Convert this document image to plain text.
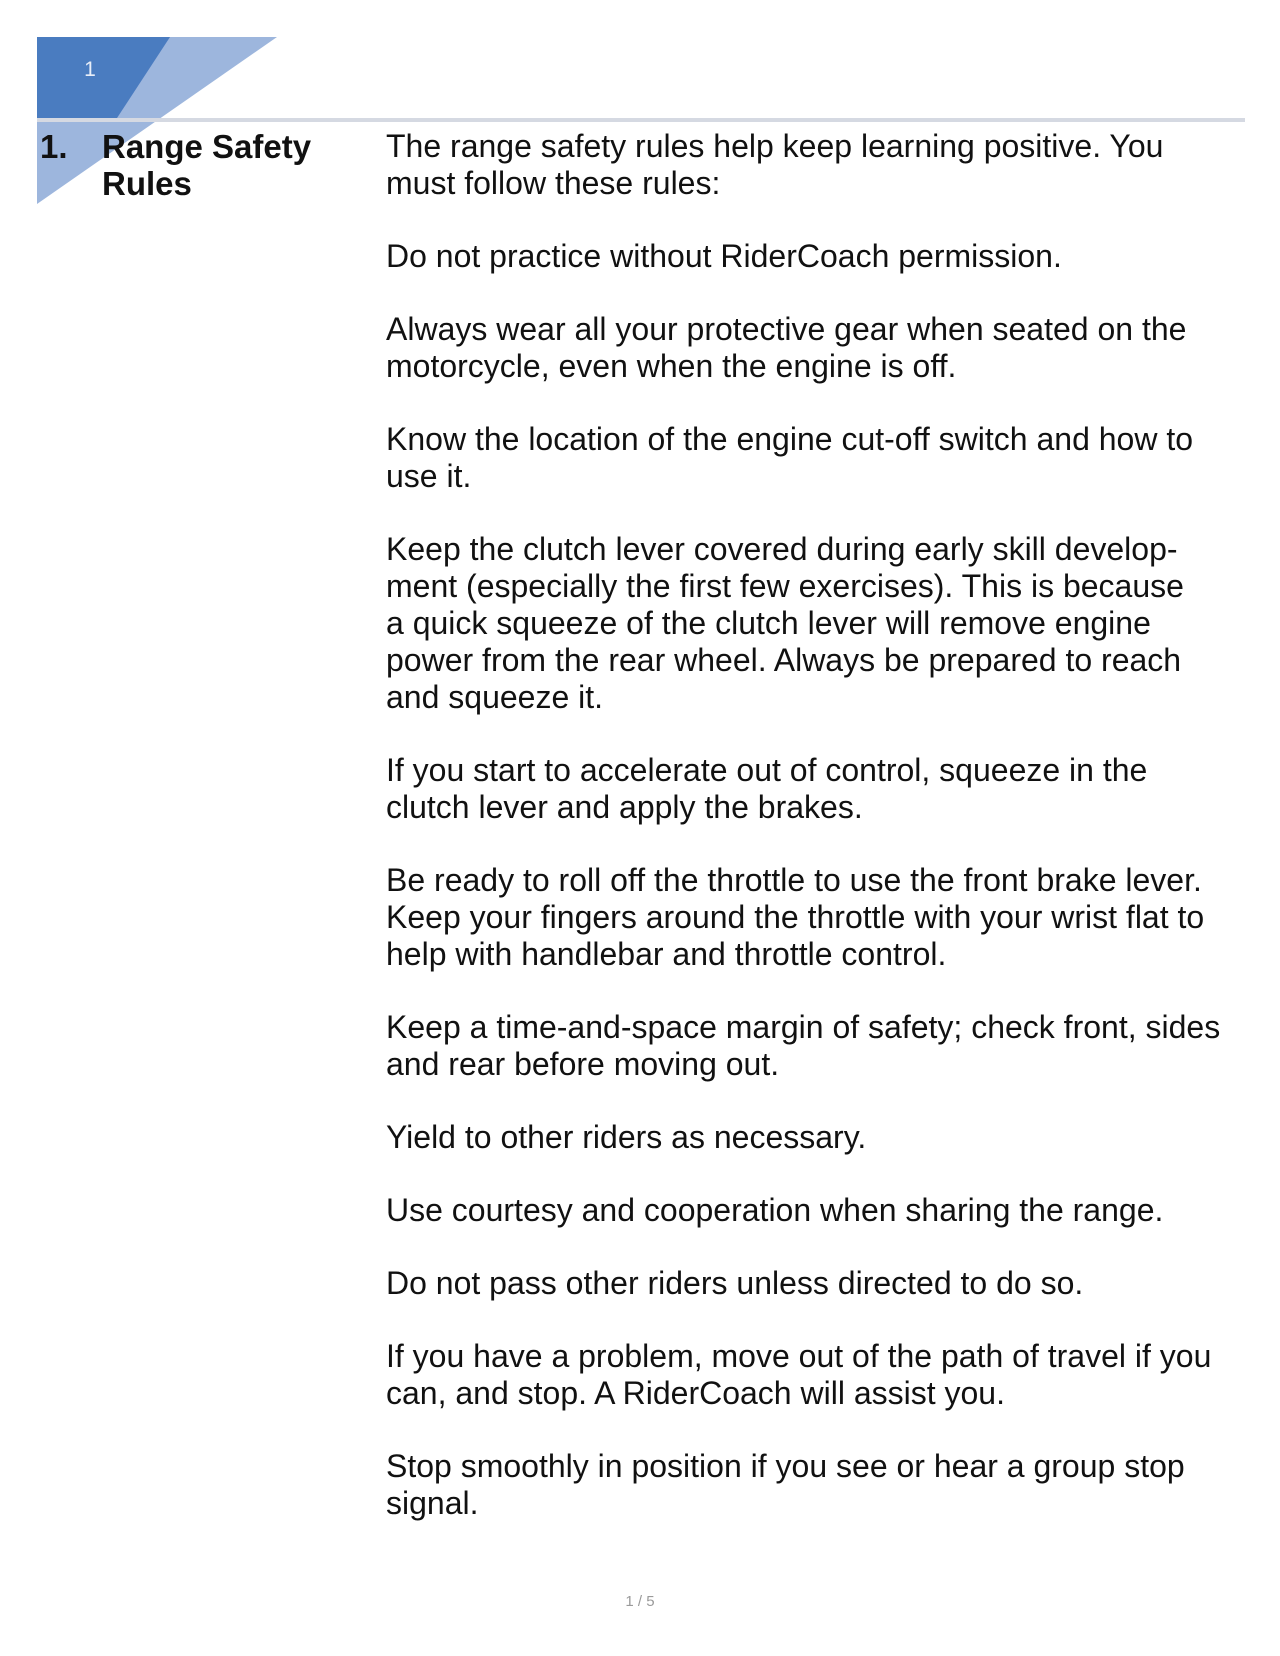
1
1.	Range Safety Rules

The range safety rules help keep learning positive. You
must follow these rules:

Do not practice without RiderCoach permission.

Always wear all your protective gear when seated on the
motorcycle, even when the engine is off.

Know the location of the engine cut-off switch and how to
use it.

Keep the clutch lever covered during early skill develop-
ment (especially the first few exercises). This is because
a quick squeeze of the clutch lever will remove engine
power from the rear wheel. Always be prepared to reach
and squeeze it.

If you start to accelerate out of control, squeeze in the
clutch lever and apply the brakes.

Be ready to roll off the throttle to use the front brake lever.
Keep your fingers around the throttle with your wrist flat to
help with handlebar and throttle control.

Keep a time-and-space margin of safety; check front, sides
and rear before moving out.

Yield to other riders as necessary.

Use courtesy and cooperation when sharing the range.

Do not pass other riders unless directed to do so.

If you have a problem, move out of the path of travel if you
can, and stop. A RiderCoach will assist you.

Stop smoothly in position if you see or hear a group stop
signal.

1 / 5
